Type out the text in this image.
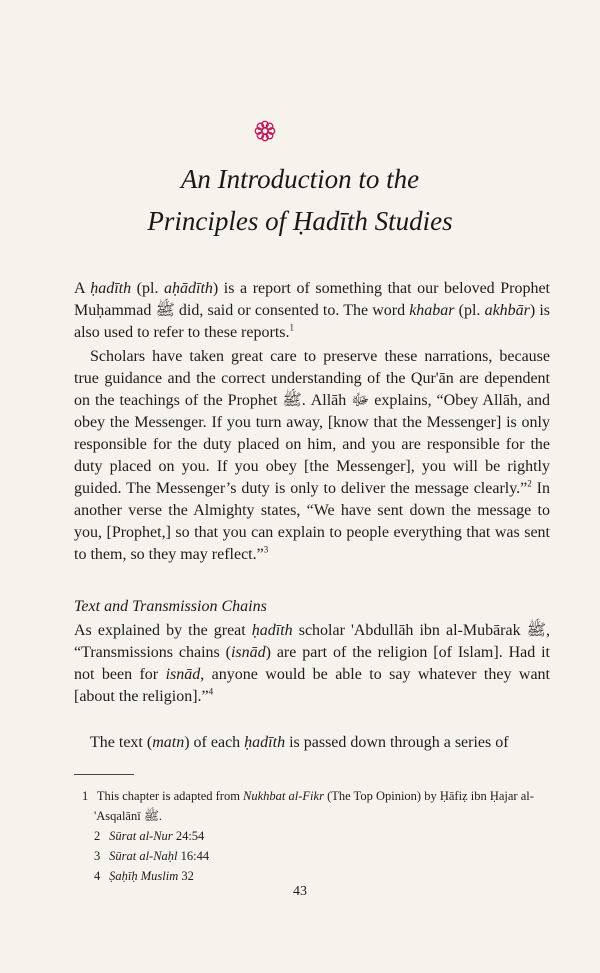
An Introduction to the
Principles of Ḥadīth Studies
A ḥadīth (pl. aḥādīth) is a report of something that our beloved Prophet Muḥammad ﷺ did, said or consented to. The word khabar (pl. akhbār) is also used to refer to these reports.$^1$
Scholars have taken great care to preserve these narrations, because true guidance and the correct understanding of the Qur'ān are dependent on the teachings of the Prophet ﷺ. Allāh ﷻ explains, “Obey Allāh, and obey the Messenger. If you turn away, [know that the Messenger] is only responsible for the duty placed on him, and you are responsible for the duty placed on you. If you obey [the Messenger], you will be rightly guided. The Messenger’s duty is only to deliver the message clearly.”$^2$ In another verse the Almighty states, “We have sent down the message to you, [Prophet,] so that you can explain to people everything that was sent to them, so they may reflect.”$^3$
Text and Transmission Chains
As explained by the great ḥadīth scholar 'Abdullāh ibn al-Mubārak ﷺ, “Transmissions chains (isnād) are part of the religion [of Islam]. Had it not been for isnād, anyone would be able to say whatever they want [about the religion].”$^4$
The text (matn) of each ḥadīth is passed down through a series of
1 This chapter is adapted from Nukhbat al-Fikr (The Top Opinion) by Ḥāfiẓ ibn Ḥajar al-'Asqalānī ﷺ.
2 Sūrat al-Nur 24:54
3 Sūrat al-Naḥl 16:44
4 Ṣaḥīḥ Muslim 32
43
